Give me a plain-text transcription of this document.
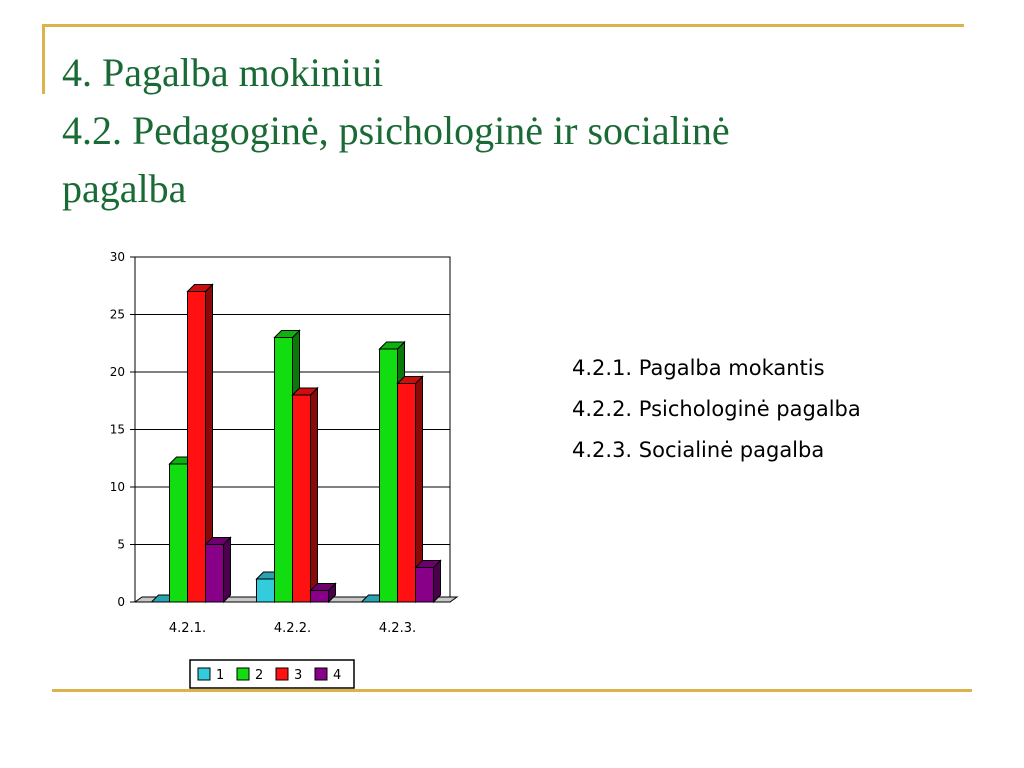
4. Pagalba mokiniui
4.2. Pedagoginė, psichologinė ir socialinė
pagalba
0
5
10
15
20
25
30
4.2.1.	4.2.2.	4.2.3.
1 2 3 4
4.2.1. Pagalba mokantis
4.2.2. Psichologinė pagalba
4.2.3. Socialinė pagalba
